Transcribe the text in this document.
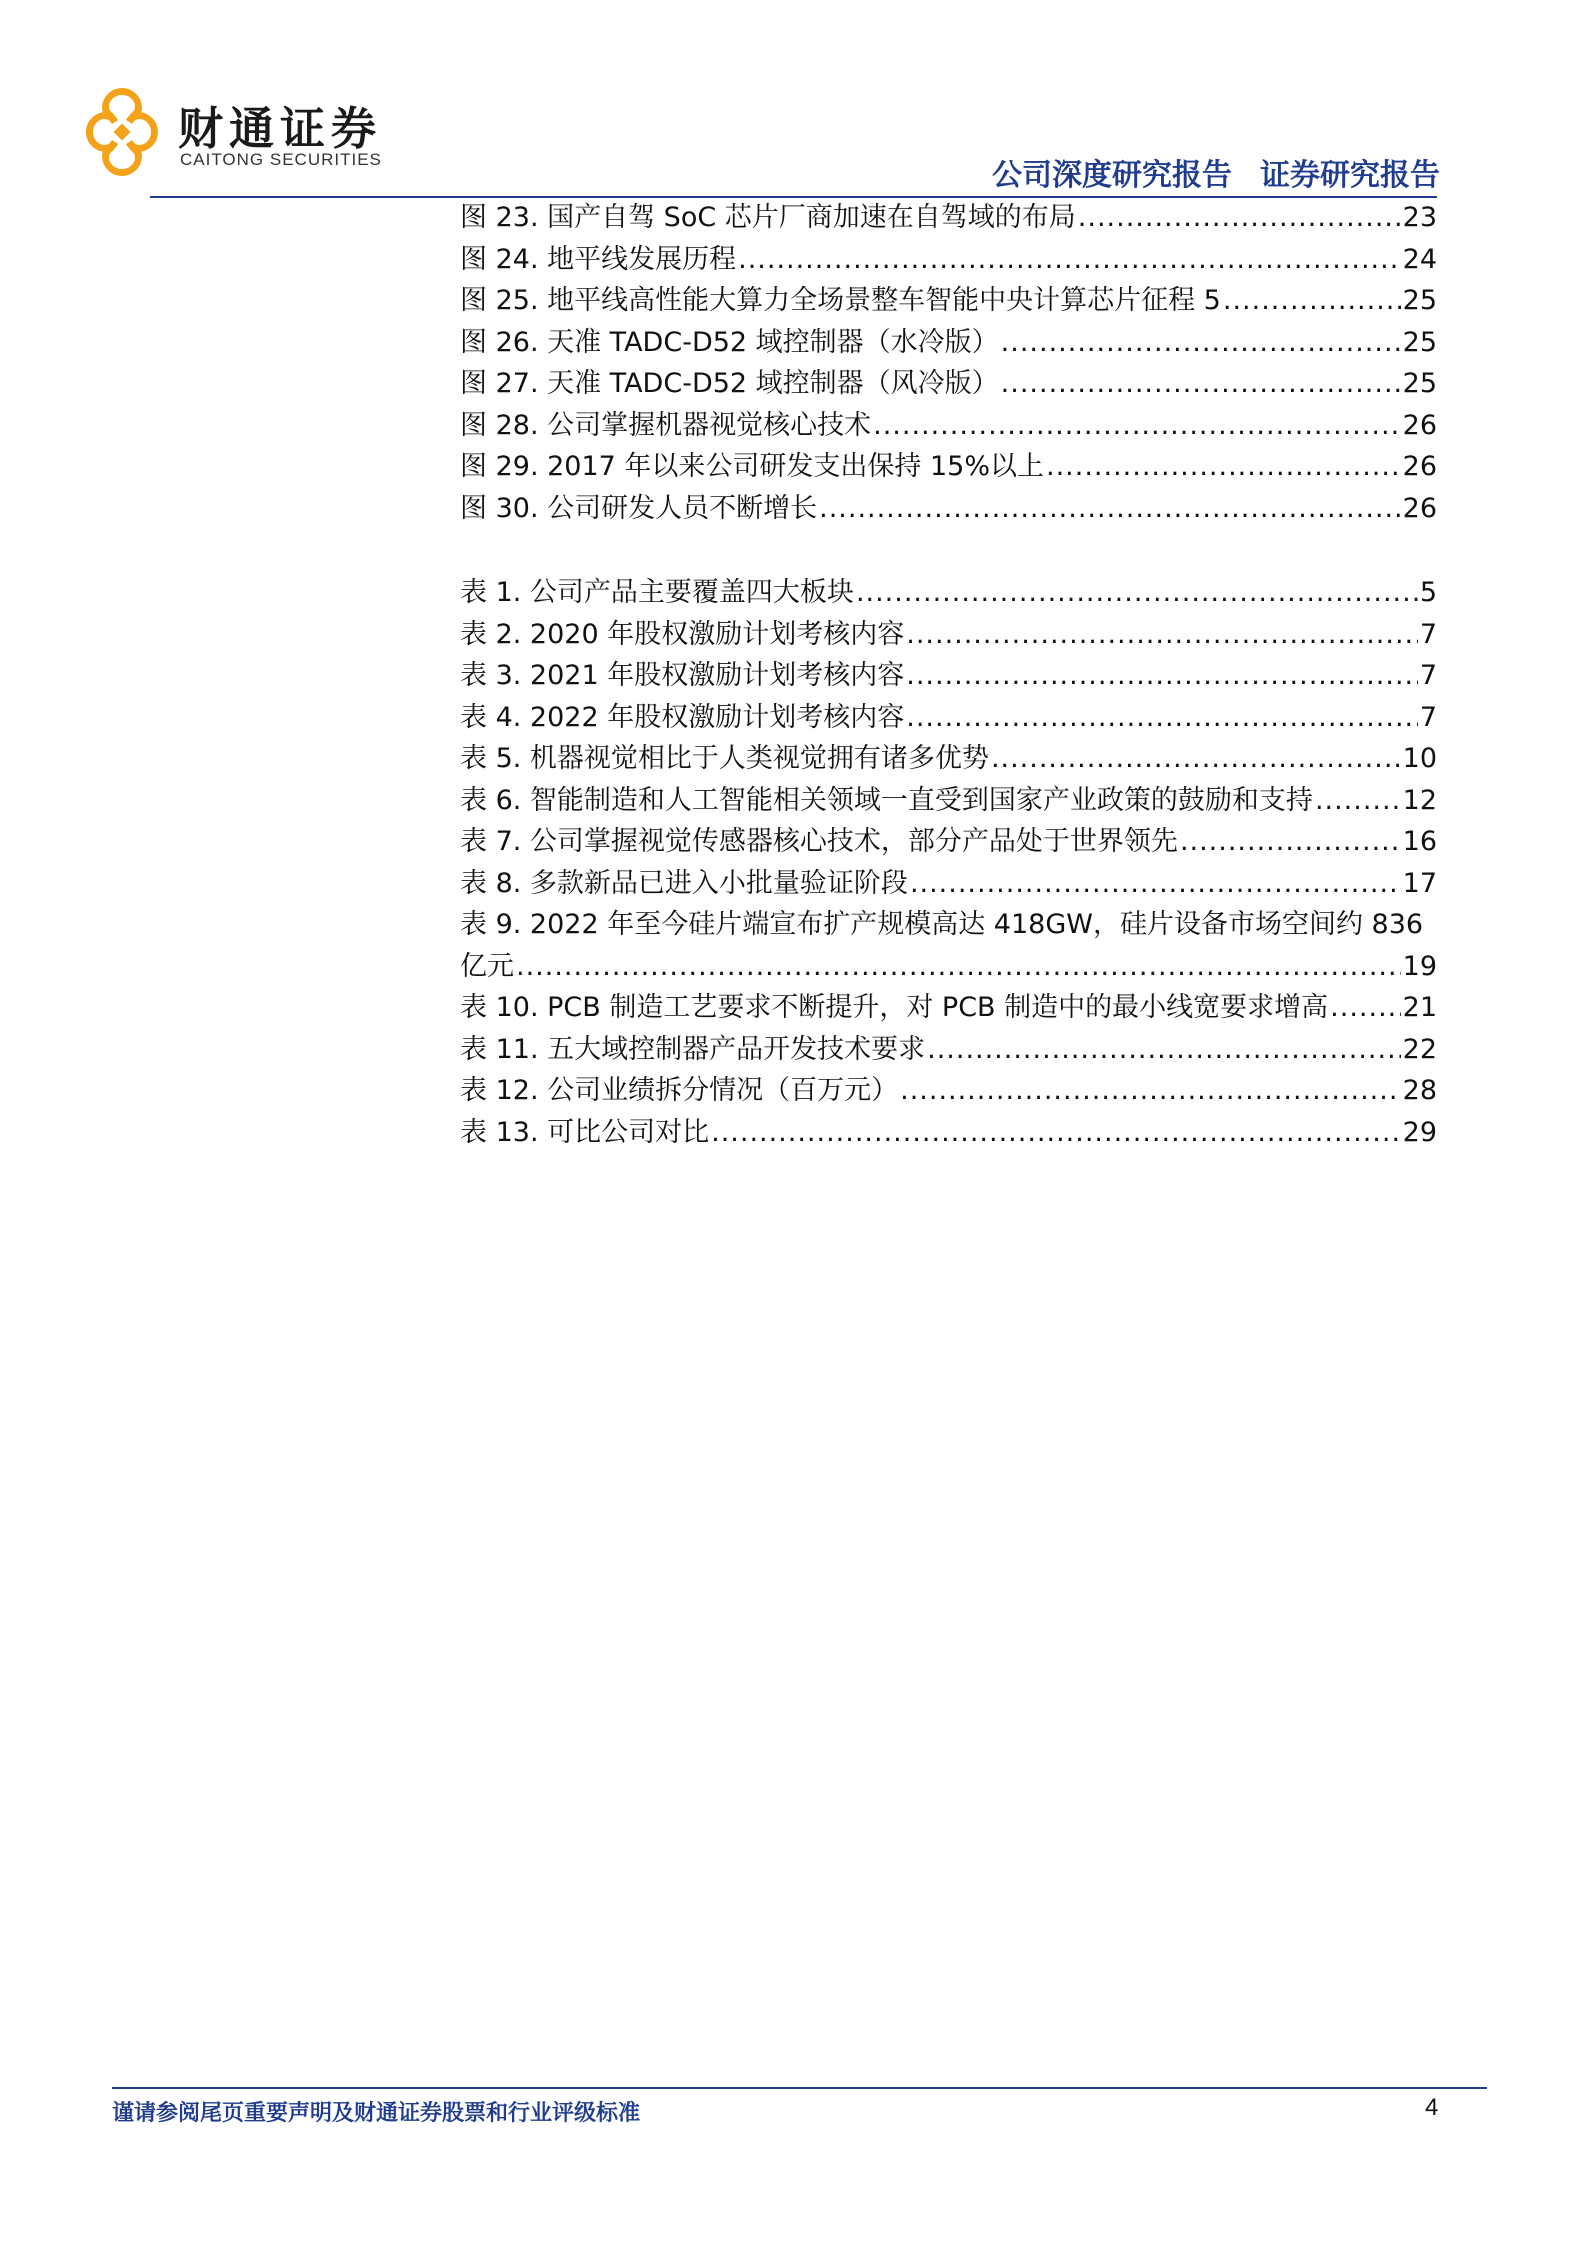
财通证券
CAITONG SECURITIES	公司深度研究报告 证券研究报告
图 23. 国产自驾 SoC 芯片厂商加速在自驾域的布局 .....	23
图 24. 地平线发展历程 .....	24
图 25. 地平线高性能大算力全场景整车智能中央计算芯片征程 5 .....	25
图 26. 天准 TADC-D52 域控制器（水冷版） .....	25
图 27. 天准 TADC-D52 域控制器（风冷版） .....	25
图 28. 公司掌握机器视觉核心技术 .....	26
图 29. 2017 年以来公司研发支出保持 15%以上 .....	26
图 30. 公司研发人员不断增长 .....	26
表 1. 公司产品主要覆盖四大板块 .....	5
表 2. 2020 年股权激励计划考核内容 .....	7
表 3. 2021 年股权激励计划考核内容 .....	7
表 4. 2022 年股权激励计划考核内容 .....	7
表 5. 机器视觉相比于人类视觉拥有诸多优势 .....	10
表 6. 智能制造和人工智能相关领域一直受到国家产业政策的鼓励和支持 .....	12
表 7. 公司掌握视觉传感器核心技术，部分产品处于世界领先 .....	16
表 8. 多款新品已进入小批量验证阶段 .....	17
表 9. 2022 年至今硅片端宣布扩产规模高达 418GW，硅片设备市场空间约 836
亿元 .....	19
表 10. PCB 制造工艺要求不断提升，对 PCB 制造中的最小线宽要求增高 .....	21
表 11. 五大域控制器产品开发技术要求 .....	22
表 12. 公司业绩拆分情况（百万元） .....	28
表 13. 可比公司对比 .....	29
谨请参阅尾页重要声明及财通证券股票和行业评级标准	4
